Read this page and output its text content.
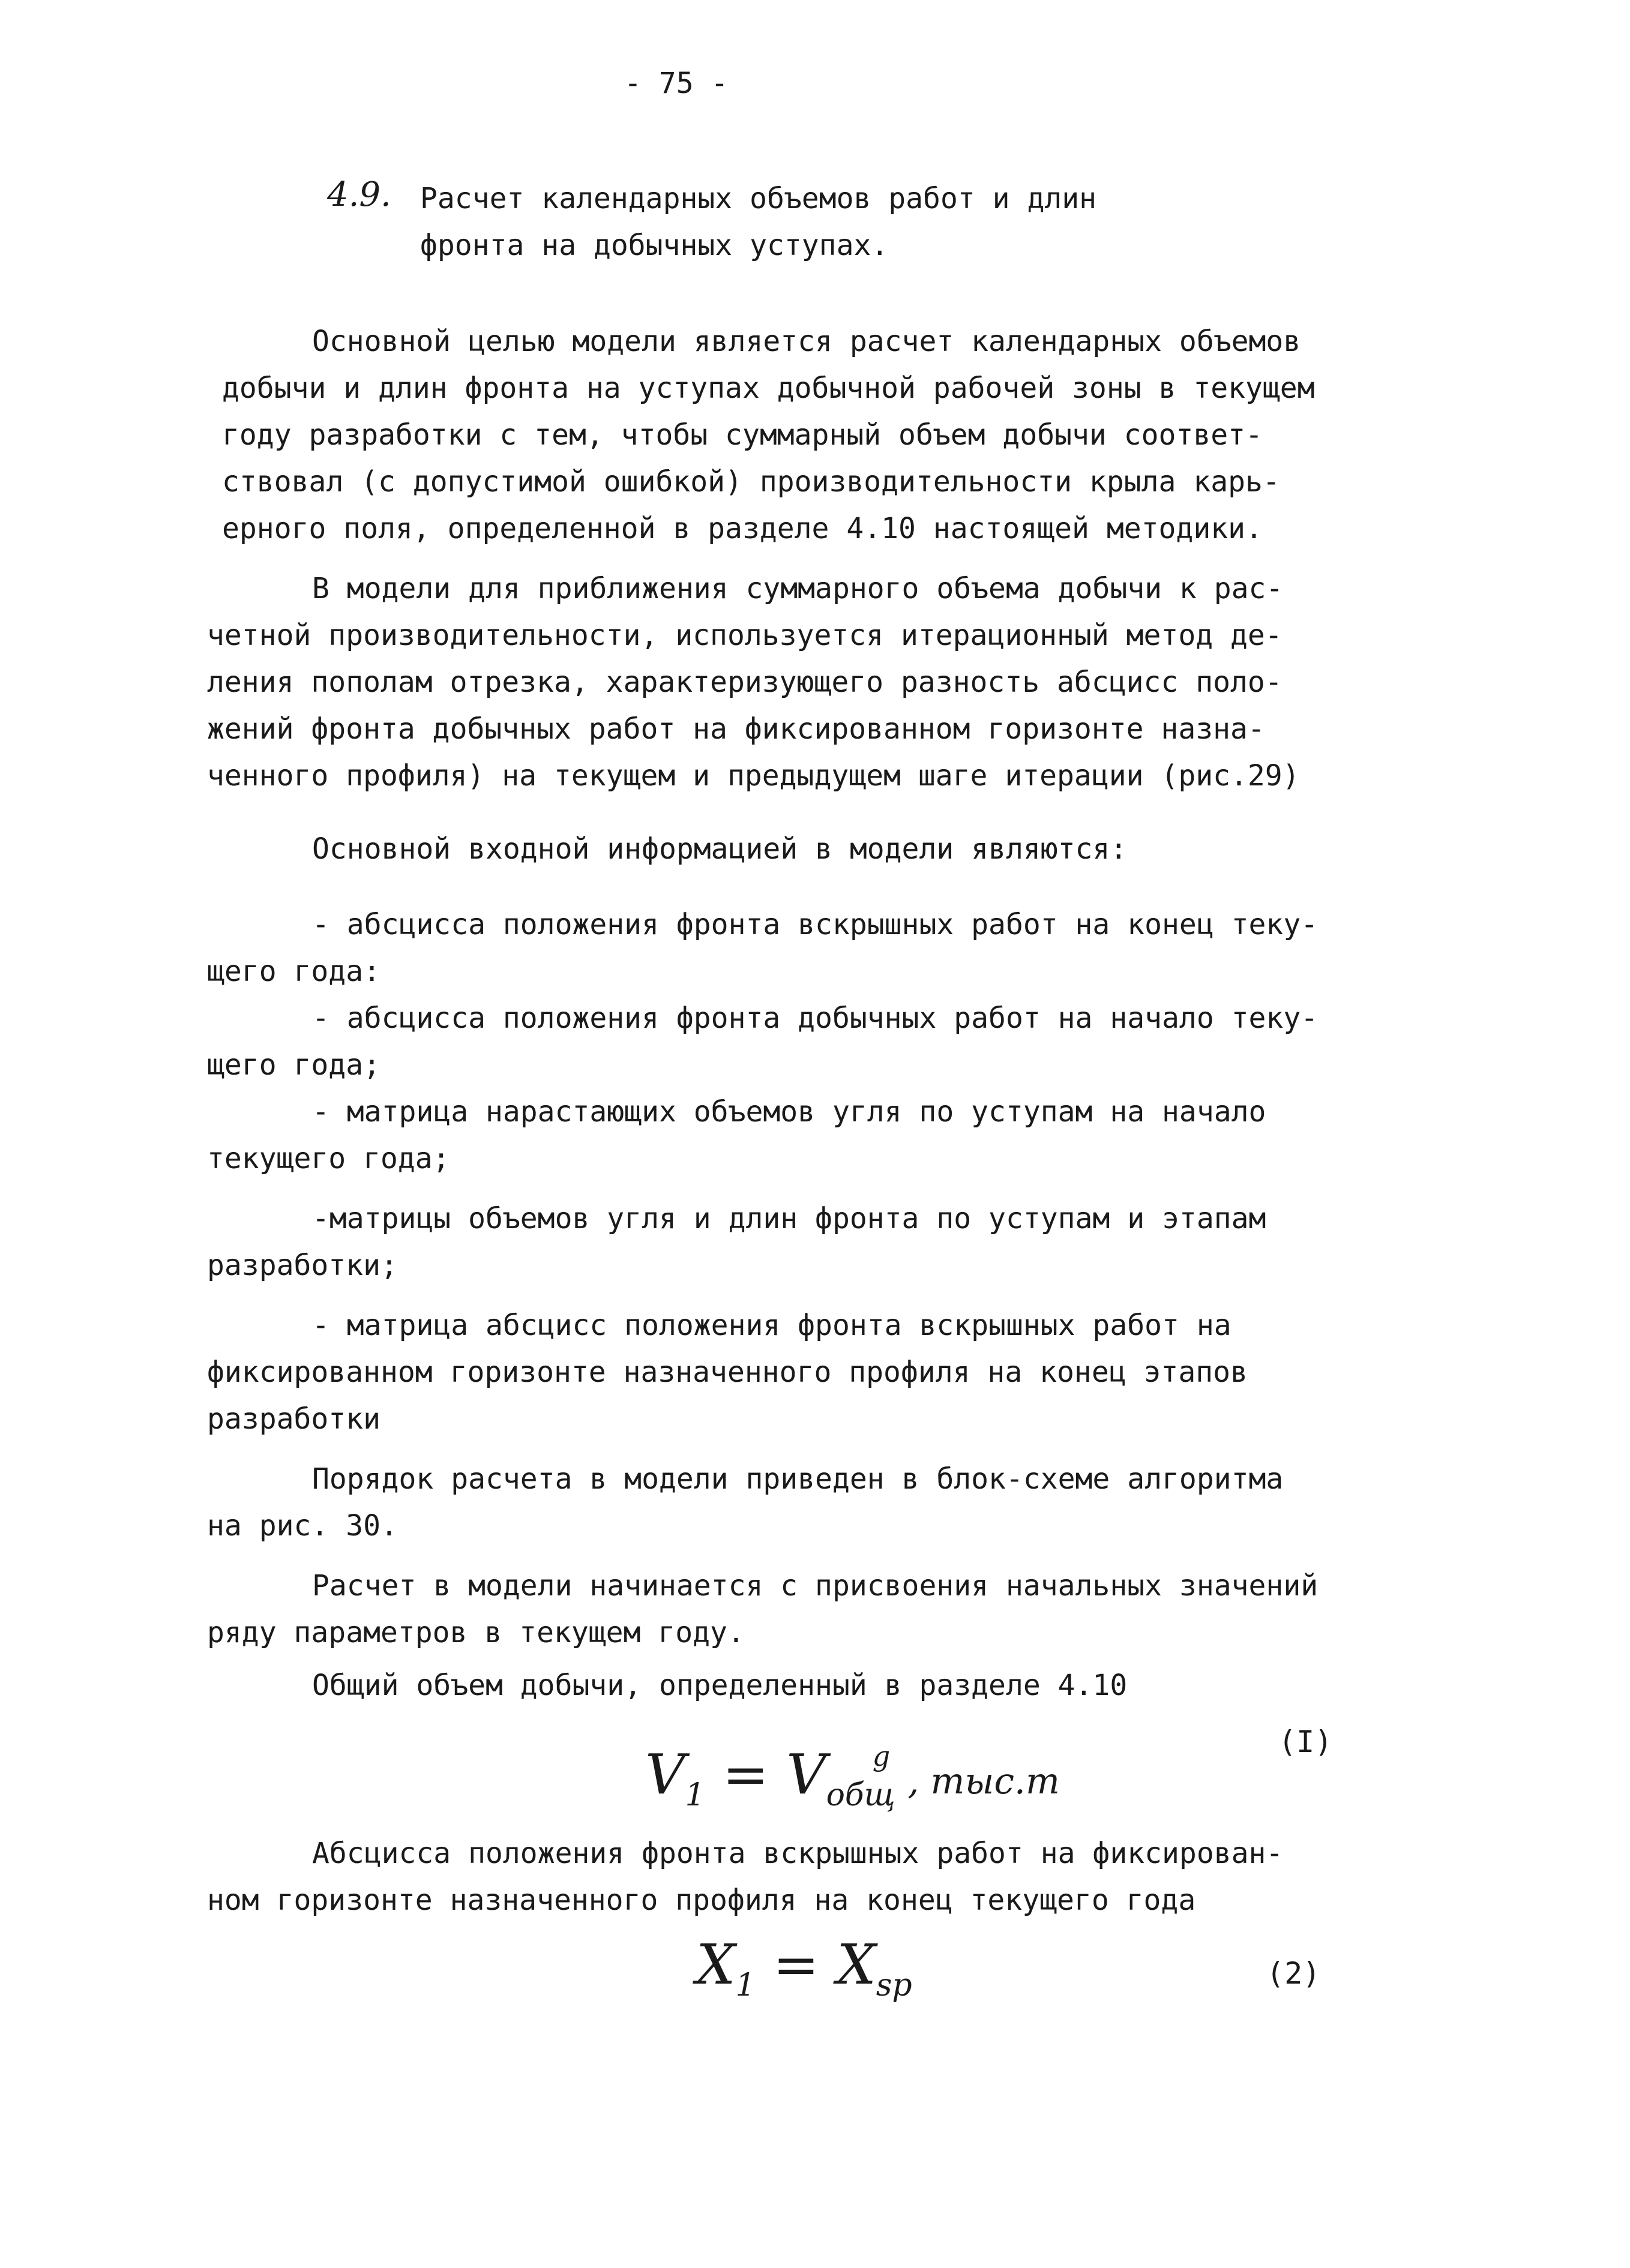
- 75 -
4.9. Расчет календарных объемов работ и длин
фронта на добычных уступах.
Основной целью модели является расчет календарных объемов
добычи и длин фронта на уступах добычной рабочей зоны в текущем
году разработки с тем, чтобы суммарный объем добычи соответ-
ствовал (с допустимой ошибкой) производительности крыла карь-
ерного поля, определенной в разделе 4.10 настоящей методики.
В модели для приближения суммарного объема добычи к рас-
четной производительности, используется итерационный метод де-
ления пополам отрезка, характеризующего разность абсцисс поло-
жений фронта добычных работ на фиксированном горизонте назна-
ченного профиля) на текущем и предыдущем шаге итерации (рис.29)
Основной входной информацией в модели являются:
- абсцисса положения фронта вскрышных работ на конец теку-
щего года:
- абсцисса положения фронта добычных работ на начало теку-
щего года;
- матрица нарастающих объемов угля по уступам на начало
текущего года;
-матрицы объемов угля и длин фронта по уступам и этапам
разработки;
- матрица абсцисс положения фронта вскрышных работ на
фиксированном горизонте назначенного профиля на конец этапов
разработки
Порядок расчета в модели приведен в блок-схеме алгоритма
на рис. 30.
Расчет в модели начинается с присвоения начальных значений
ряду параметров в текущем году.
Общий объем добычи, определенный в разделе 4.10
$V_1 = V_{общ}^g$ , тыс.т
(I)
Абсцисса положения фронта вскрышных работ на фиксирован-
ном горизонте назначенного профиля на конец текущего года
$X_1 = X_{sp}$	(2)
